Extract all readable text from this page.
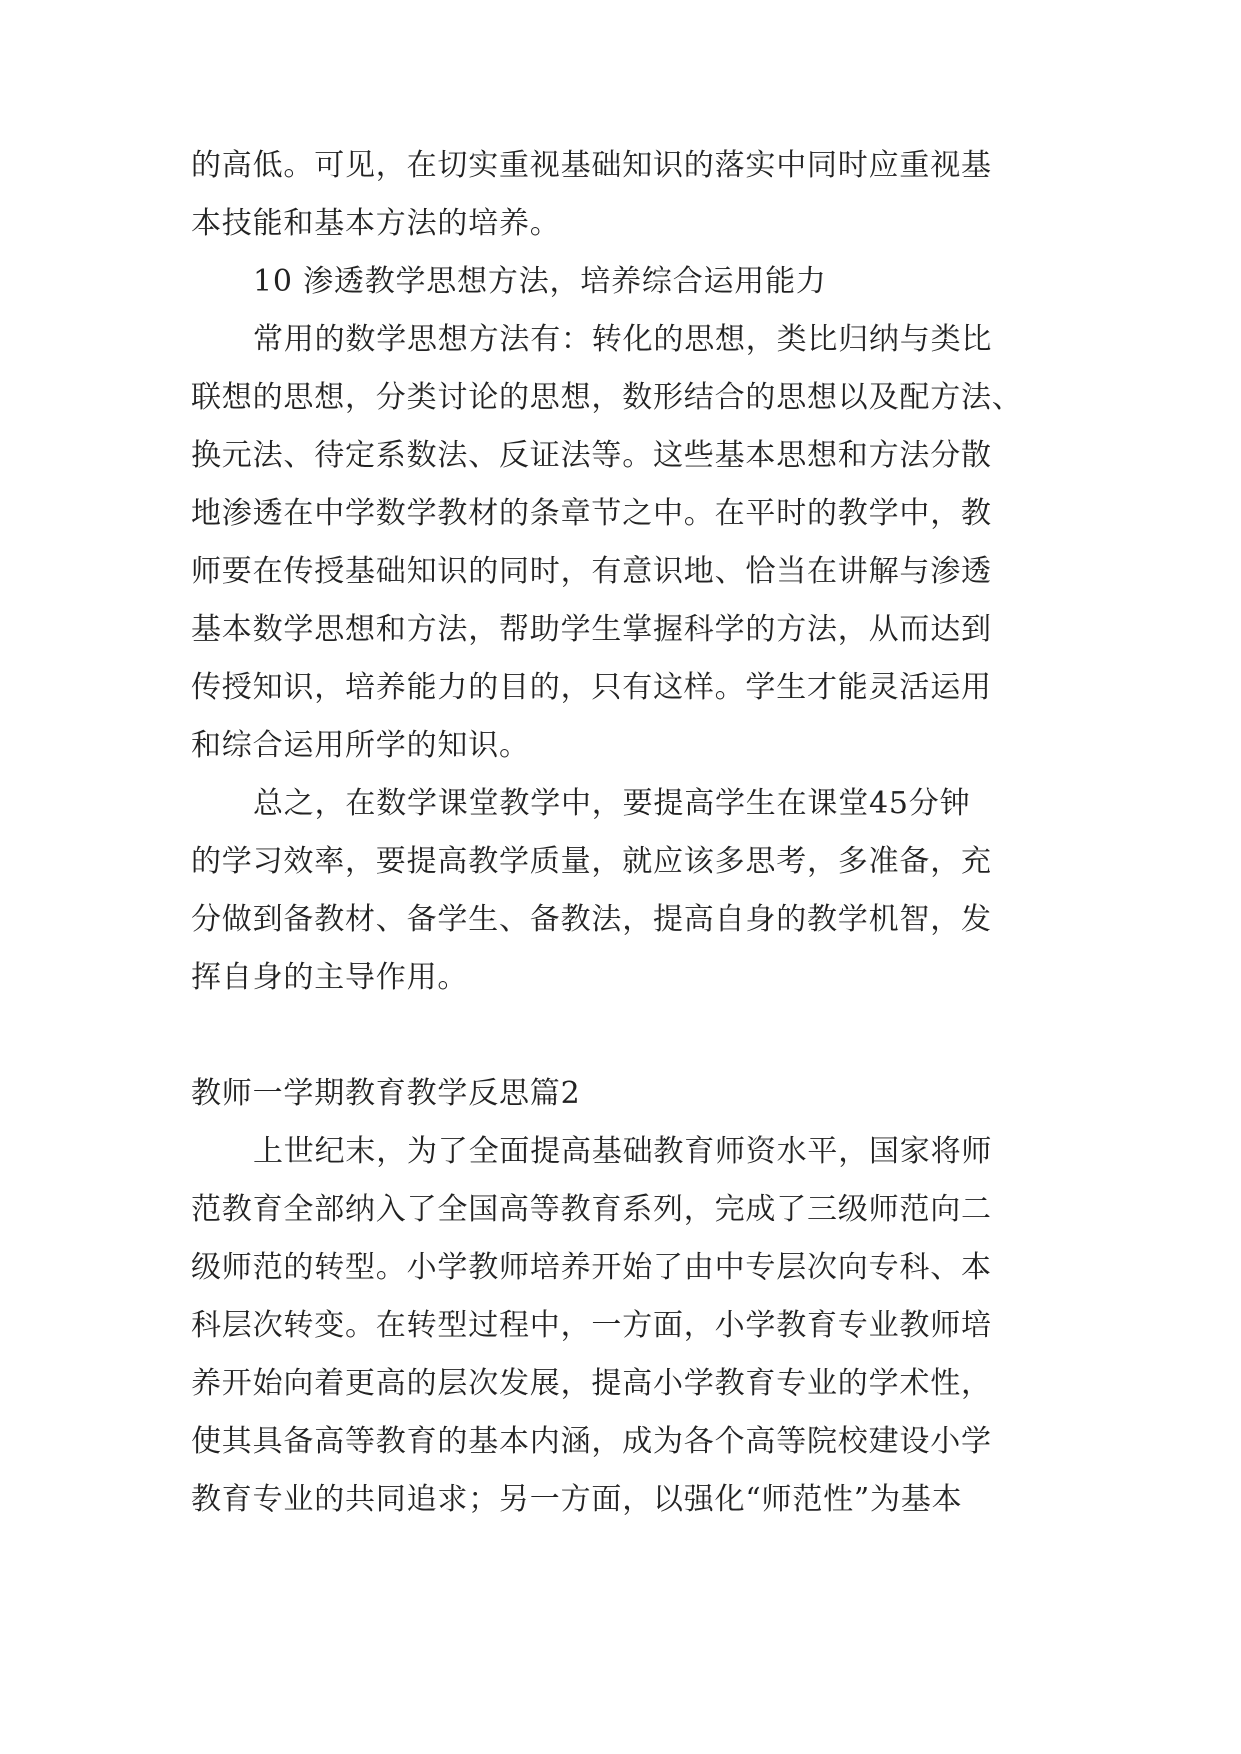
的高低。可见，在切实重视基础知识的落实中同时应重视基
本技能和基本方法的培养。
10 渗透教学思想方法，培养综合运用能力
常用的数学思想方法有：转化的思想，类比归纳与类比
联想的思想，分类讨论的思想，数形结合的思想以及配方法、
换元法、待定系数法、反证法等。这些基本思想和方法分散
地渗透在中学数学教材的条章节之中。在平时的教学中，教
师要在传授基础知识的同时，有意识地、恰当在讲解与渗透
基本数学思想和方法，帮助学生掌握科学的方法，从而达到
传授知识，培养能力的目的，只有这样。学生才能灵活运用
和综合运用所学的知识。
总之，在数学课堂教学中，要提高学生在课堂45分钟
的学习效率，要提高教学质量，就应该多思考，多准备，充
分做到备教材、备学生、备教法，提高自身的教学机智，发
挥自身的主导作用。
教师一学期教育教学反思篇2
上世纪末，为了全面提高基础教育师资水平，国家将师
范教育全部纳入了全国高等教育系列，完成了三级师范向二
级师范的转型。小学教师培养开始了由中专层次向专科、本
科层次转变。在转型过程中，一方面，小学教育专业教师培
养开始向着更高的层次发展，提高小学教育专业的学术性，
使其具备高等教育的基本内涵，成为各个高等院校建设小学
教育专业的共同追求；另一方面，以强化“师范性”为基本
